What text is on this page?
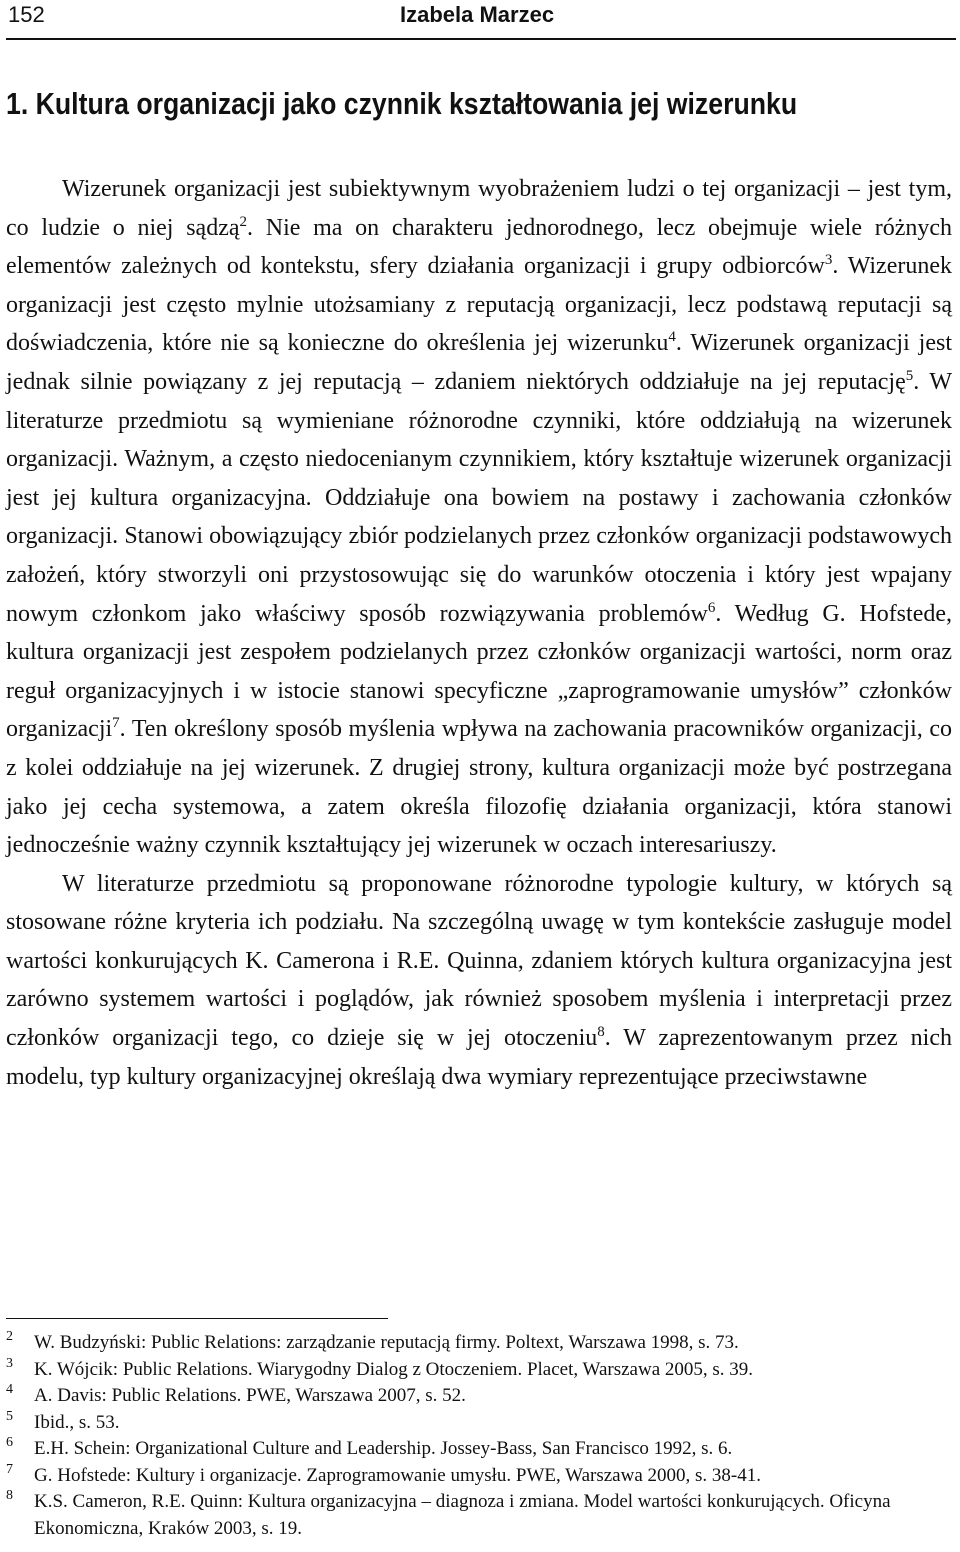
152	Izabela Marzec
1. Kultura organizacji jako czynnik kształtowania jej wizerunku

Wizerunek organizacji jest subiektywnym wyobrażeniem ludzi o tej organizacji – jest tym, co ludzie o niej sądzą$^2$. Nie ma on charakteru jednorodnego, lecz obejmuje wiele różnych elementów zależnych od kontekstu, sfery działania organizacji i grupy odbiorców$^3$. Wizerunek organizacji jest często mylnie utożsamiany z reputacją organizacji, lecz podstawą reputacji są doświadczenia, które nie są konieczne do określenia jej wizerunku$^4$. Wizerunek organizacji jest jednak silnie powiązany z jej reputacją – zdaniem niektórych oddziałuje na jej reputację$^5$. W literaturze przedmiotu są wymieniane różnorodne czynniki, które oddziałują na wizerunek organizacji. Ważnym, a często niedocenianym czynnikiem, który kształtuje wizerunek organizacji jest jej kultura organizacyjna. Oddziałuje ona bowiem na postawy i zachowania członków organizacji. Stanowi obowiązujący zbiór podzielanych przez członków organizacji podstawowych założeń, który stworzyli oni przystosowując się do warunków otoczenia i który jest wpajany nowym członkom jako właściwy sposób rozwiązywania problemów$^6$. Według G. Hofstede, kultura organizacji jest zespołem podzielanych przez członków organizacji wartości, norm oraz reguł organizacyjnych i w istocie stanowi specyficzne „zaprogramowanie umysłów” członków organizacji$^7$. Ten określony sposób myślenia wpływa na zachowania pracowników organizacji, co z kolei oddziałuje na jej wizerunek. Z drugiej strony, kultura organizacji może być postrzegana jako jej cecha systemowa, a zatem określa filozofię działania organizacji, która stanowi jednocześnie ważny czynnik kształtujący jej wizerunek w oczach interesariuszy.

W literaturze przedmiotu są proponowane różnorodne typologie kultury, w których są stosowane różne kryteria ich podziału. Na szczególną uwagę w tym kontekście zasługuje model wartości konkurujących K. Camerona i R.E. Quinna, zdaniem których kultura organizacyjna jest zarówno systemem wartości i poglądów, jak również sposobem myślenia i interpretacji przez członków organizacji tego, co dzieje się w jej otoczeniu$^8$. W zaprezentowanym przez nich modelu, typ kultury organizacyjnej określają dwa wymiary reprezentujące przeciwstawne

2 W. Budzyński: Public Relations: zarządzanie reputacją firmy. Poltext, Warszawa 1998, s. 73.
3 K. Wójcik: Public Relations. Wiarygodny Dialog z Otoczeniem. Placet, Warszawa 2005, s. 39.
4 A. Davis: Public Relations. PWE, Warszawa 2007, s. 52.
5 Ibid., s. 53.
6 E.H. Schein: Organizational Culture and Leadership. Jossey-Bass, San Francisco 1992, s. 6.
7 G. Hofstede: Kultury i organizacje. Zaprogramowanie umysłu. PWE, Warszawa 2000, s. 38-41.
8 K.S. Cameron, R.E. Quinn: Kultura organizacyjna – diagnoza i zmiana. Model wartości konkurujących. Oficyna Ekonomiczna, Kraków 2003, s. 19.
